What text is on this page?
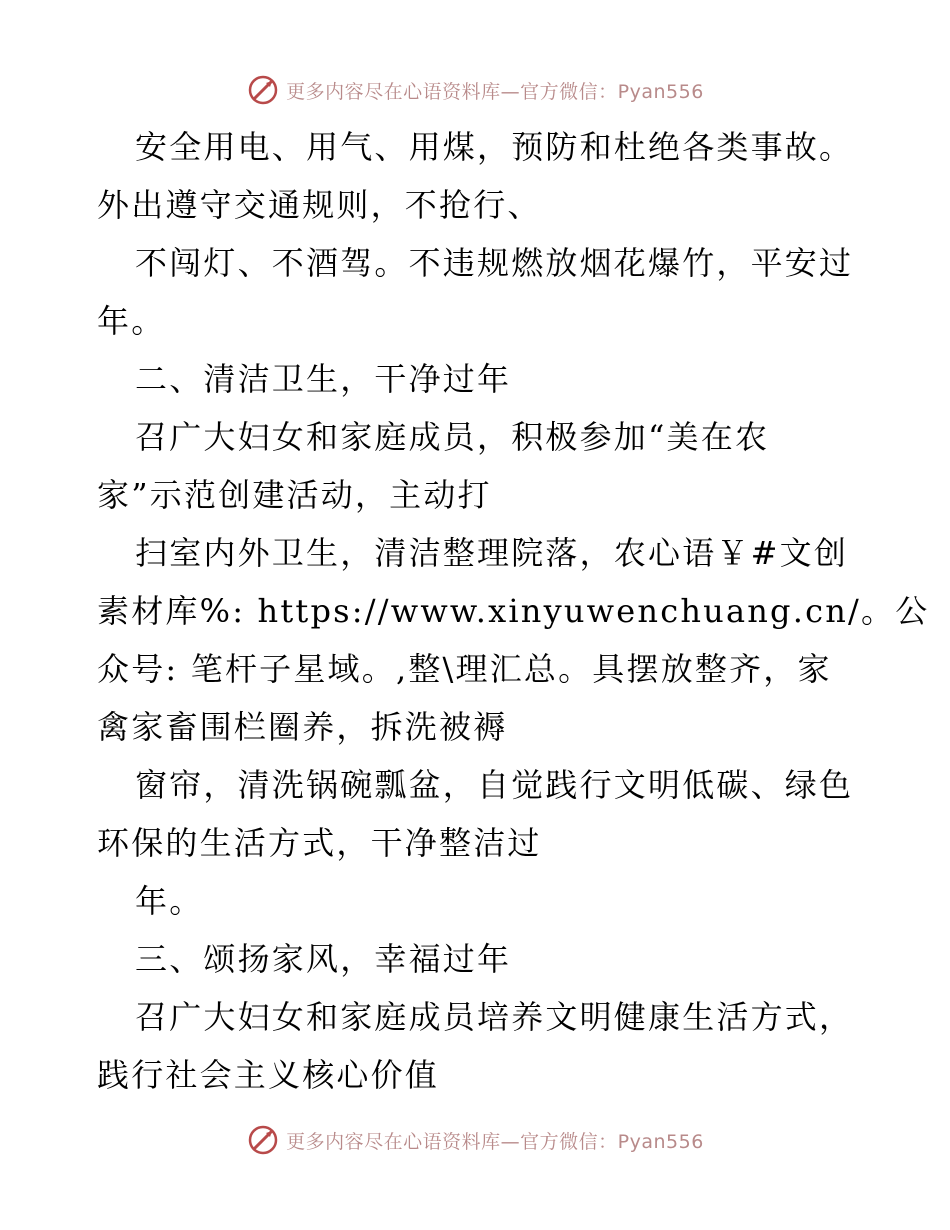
更多内容尽在心语资料库—官方微信：Pyan556
安全用电、用气、用煤，预防和杜绝各类事故。
外出遵守交通规则，不抢行、
不闯灯、不酒驾。不违规燃放烟花爆竹，平安过
年。
二、清洁卫生，干净过年
召广大妇女和家庭成员，积极参加“美在农
家”示范创建活动，主动打
扫室内外卫生，清洁整理院落，农心语￥#文创
素材库%: https://www.xinyuwenchuang.cn/。公
众号: 笔杆子星域。,整\理汇总。具摆放整齐，家
禽家畜围栏圈养，拆洗被褥
窗帘，清洗锅碗瓢盆，自觉践行文明低碳、绿色
环保的生活方式，干净整洁过
年。
三、颂扬家风，幸福过年
召广大妇女和家庭成员培养文明健康生活方式，
践行社会主义核心价值
更多内容尽在心语资料库—官方微信：Pyan556
